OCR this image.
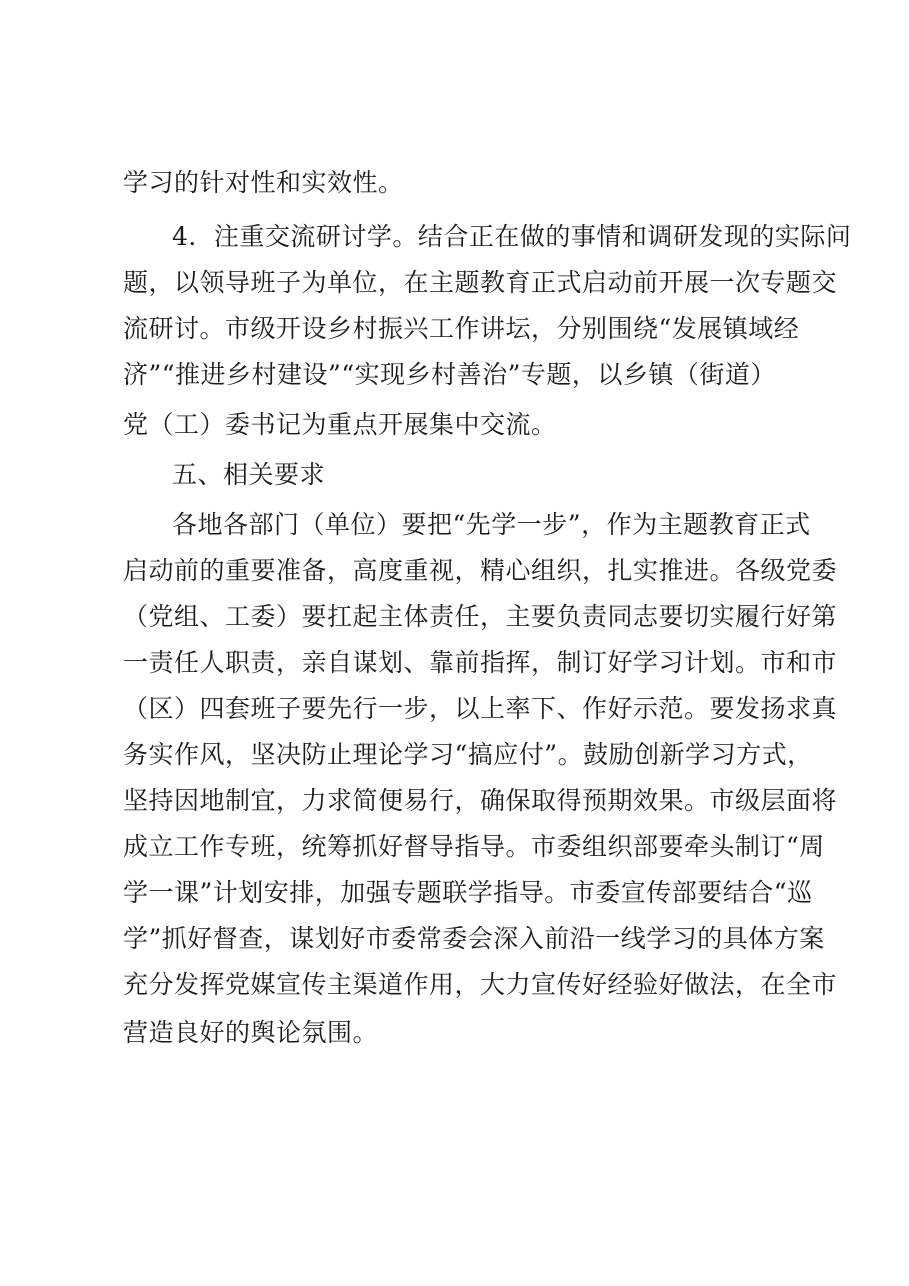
学习的针对性和实效性。
4．注重交流研讨学。结合正在做的事情和调研发现的实际问
题，以领导班子为单位，在主题教育正式启动前开展一次专题交
流研讨。市级开设乡村振兴工作讲坛，分别围绕“发展镇域经
济”“推进乡村建设”“实现乡村善治”专题，以乡镇（街道）
党（工）委书记为重点开展集中交流。
五、相关要求
各地各部门（单位）要把“先学一步”，作为主题教育正式
启动前的重要准备，高度重视，精心组织，扎实推进。各级党委
（党组、工委）要扛起主体责任，主要负责同志要切实履行好第
一责任人职责，亲自谋划、靠前指挥，制订好学习计划。市和市
（区）四套班子要先行一步，以上率下、作好示范。要发扬求真
务实作风，坚决防止理论学习“搞应付”。鼓励创新学习方式，
坚持因地制宜，力求简便易行，确保取得预期效果。市级层面将
成立工作专班，统筹抓好督导指导。市委组织部要牵头制订“周
学一课”计划安排，加强专题联学指导。市委宣传部要结合“巡
学”抓好督查，谋划好市委常委会深入前沿一线学习的具体方案
充分发挥党媒宣传主渠道作用，大力宣传好经验好做法，在全市
营造良好的舆论氛围。
